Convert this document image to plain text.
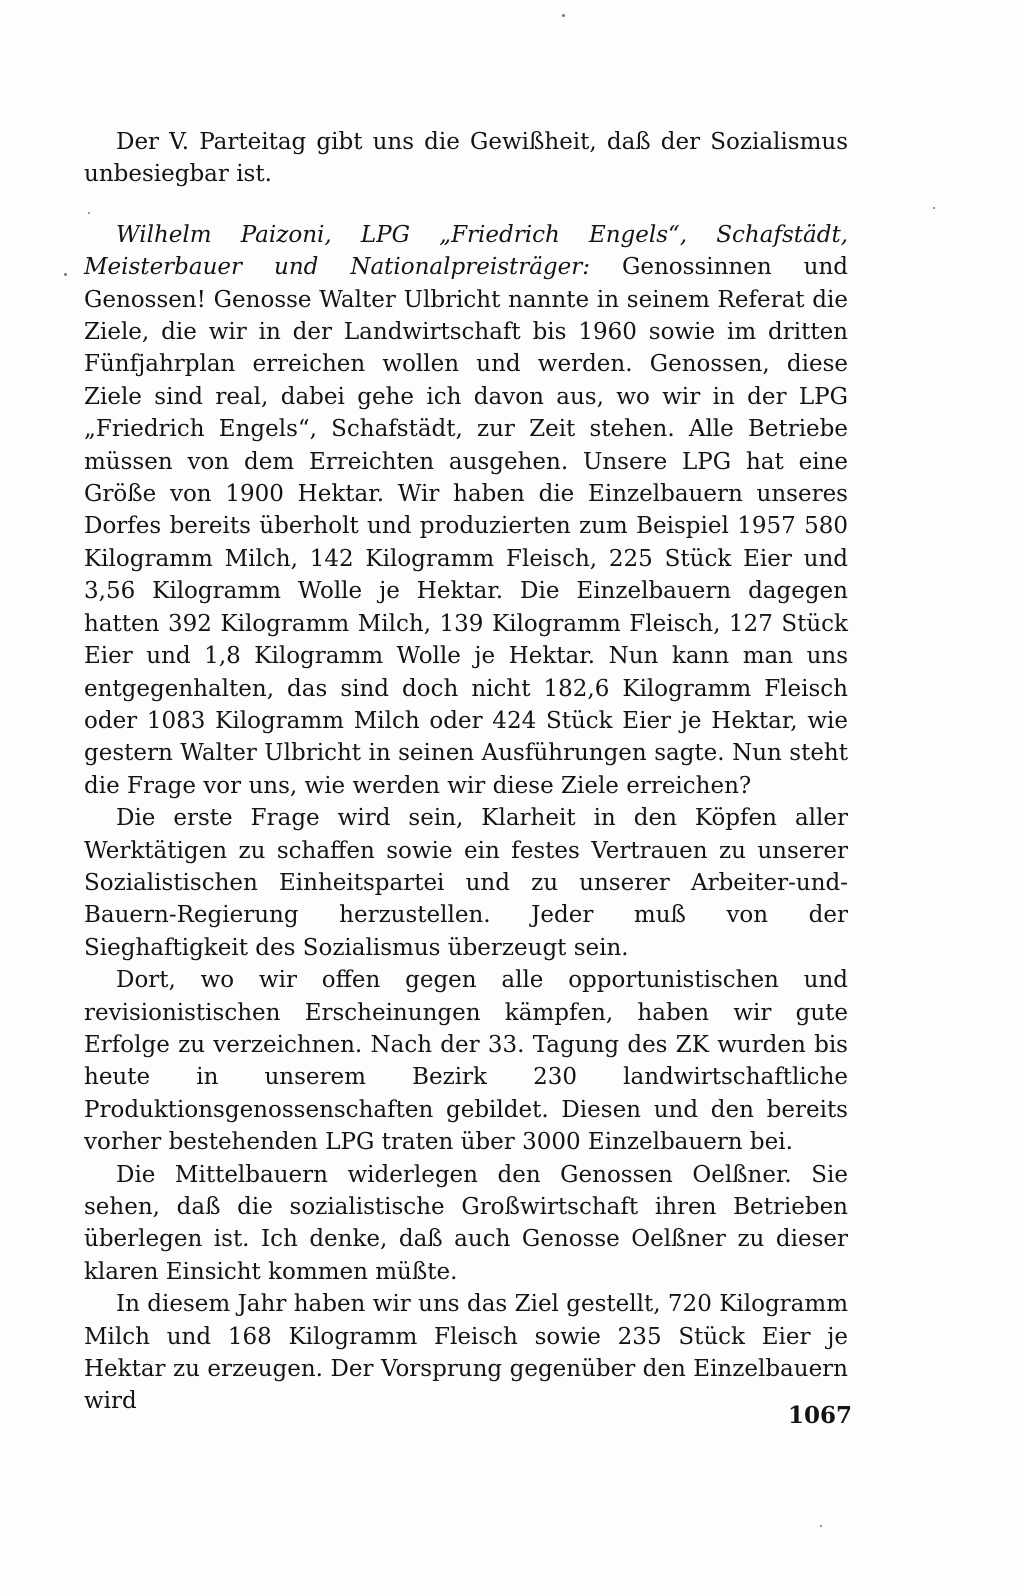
Der V. Parteitag gibt uns die Gewißheit, daß der Sozialismus unbesiegbar ist.

Wilhelm Paizoni, LPG „Friedrich Engels“, Schafstädt, Meisterbauer und Nationalpreisträger: Genossinnen und Genossen! Genosse Walter Ulbricht nannte in seinem Referat die Ziele, die wir in der Landwirtschaft bis 1960 sowie im dritten Fünfjahrplan erreichen wollen und werden. Genossen, diese Ziele sind real, dabei gehe ich davon aus, wo wir in der LPG „Friedrich Engels“, Schafstädt, zur Zeit stehen. Alle Betriebe müssen von dem Erreichten ausgehen. Unsere LPG hat eine Größe von 1900 Hektar. Wir haben die Einzelbauern unseres Dorfes bereits überholt und produzierten zum Beispiel 1957 580 Kilogramm Milch, 142 Kilogramm Fleisch, 225 Stück Eier und 3,56 Kilogramm Wolle je Hektar. Die Einzelbauern dagegen hatten 392 Kilogramm Milch, 139 Kilogramm Fleisch, 127 Stück Eier und 1,8 Kilogramm Wolle je Hektar. Nun kann man uns entgegenhalten, das sind doch nicht 182,6 Kilogramm Fleisch oder 1083 Kilogramm Milch oder 424 Stück Eier je Hektar, wie gestern Walter Ulbricht in seinen Ausführungen sagte. Nun steht die Frage vor uns, wie werden wir diese Ziele erreichen?

Die erste Frage wird sein, Klarheit in den Köpfen aller Werktätigen zu schaffen sowie ein festes Vertrauen zu unserer Sozialistischen Einheitspartei und zu unserer Arbeiter-und-Bauern-Regierung herzustellen. Jeder muß von der Sieghaftigkeit des Sozialismus überzeugt sein.

Dort, wo wir offen gegen alle opportunistischen und revisionistischen Erscheinungen kämpfen, haben wir gute Erfolge zu verzeichnen. Nach der 33. Tagung des ZK wurden bis heute in unserem Bezirk 230 landwirtschaftliche Produktionsgenossenschaften gebildet. Diesen und den bereits vorher bestehenden LPG traten über 3000 Einzelbauern bei.

Die Mittelbauern widerlegen den Genossen Oelßner. Sie sehen, daß die sozialistische Großwirtschaft ihren Betrieben überlegen ist. Ich denke, daß auch Genosse Oelßner zu dieser klaren Einsicht kommen müßte.

In diesem Jahr haben wir uns das Ziel gestellt, 720 Kilogramm Milch und 168 Kilogramm Fleisch sowie 235 Stück Eier je Hektar zu erzeugen. Der Vorsprung gegenüber den Einzelbauern wird

1067
